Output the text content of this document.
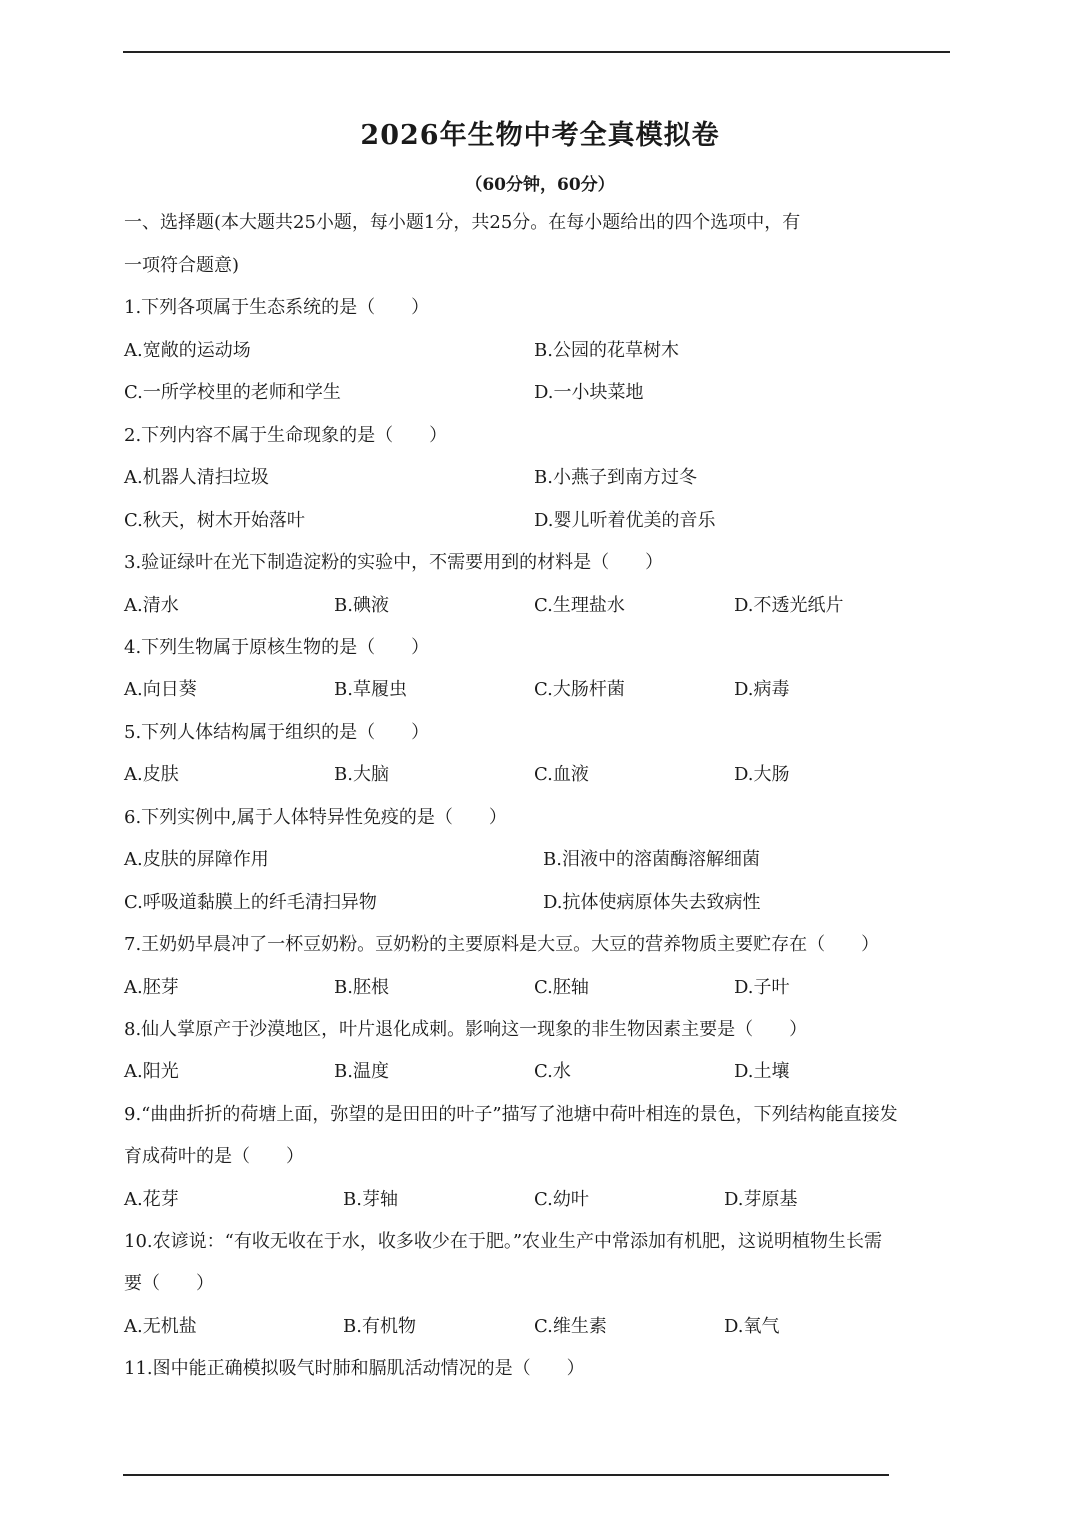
2026年生物中考全真模拟卷
（60分钟，60分）
一、选择题(本大题共25小题，每小题1分，共25分。在每小题给出的四个选项中，有
一项符合题意)
1.下列各项属于生态系统的是（　　）
A.宽敞的运动场	B.公园的花草树木
C.一所学校里的老师和学生	D.一小块菜地
2.下列内容不属于生命现象的是（　　）
A.机器人清扫垃圾	B.小燕子到南方过冬
C.秋天，树木开始落叶	D.婴儿听着优美的音乐
3.验证绿叶在光下制造淀粉的实验中，不需要用到的材料是（　　）
A.清水	B.碘液	C.生理盐水	D.不透光纸片
4.下列生物属于原核生物的是（　　）
A.向日葵	B.草履虫	C.大肠杆菌	D.病毒
5.下列人体结构属于组织的是（　　）
A.皮肤	B.大脑	C.血液	D.大肠
6.下列实例中,属于人体特异性免疫的是（　　）
A.皮肤的屏障作用	B.泪液中的溶菌酶溶解细菌
C.呼吸道黏膜上的纤毛清扫异物	D.抗体使病原体失去致病性
7.王奶奶早晨冲了一杯豆奶粉。豆奶粉的主要原料是大豆。大豆的营养物质主要贮存在（　　）
A.胚芽	B.胚根	C.胚轴	D.子叶
8.仙人掌原产于沙漠地区，叶片退化成刺。影响这一现象的非生物因素主要是（　　）
A.阳光	B.温度	C.水	D.土壤
9.“曲曲折折的荷塘上面，弥望的是田田的叶子”描写了池塘中荷叶相连的景色，下列结构能直接发
育成荷叶的是（　　）
A.花芽	B.芽轴	C.幼叶	D.芽原基
10.农谚说：“有收无收在于水，收多收少在于肥。”农业生产中常添加有机肥，这说明植物生长需
要（　　）
A.无机盐	B.有机物	C.维生素	D.氧气
11.图中能正确模拟吸气时肺和膈肌活动情况的是（　　）
